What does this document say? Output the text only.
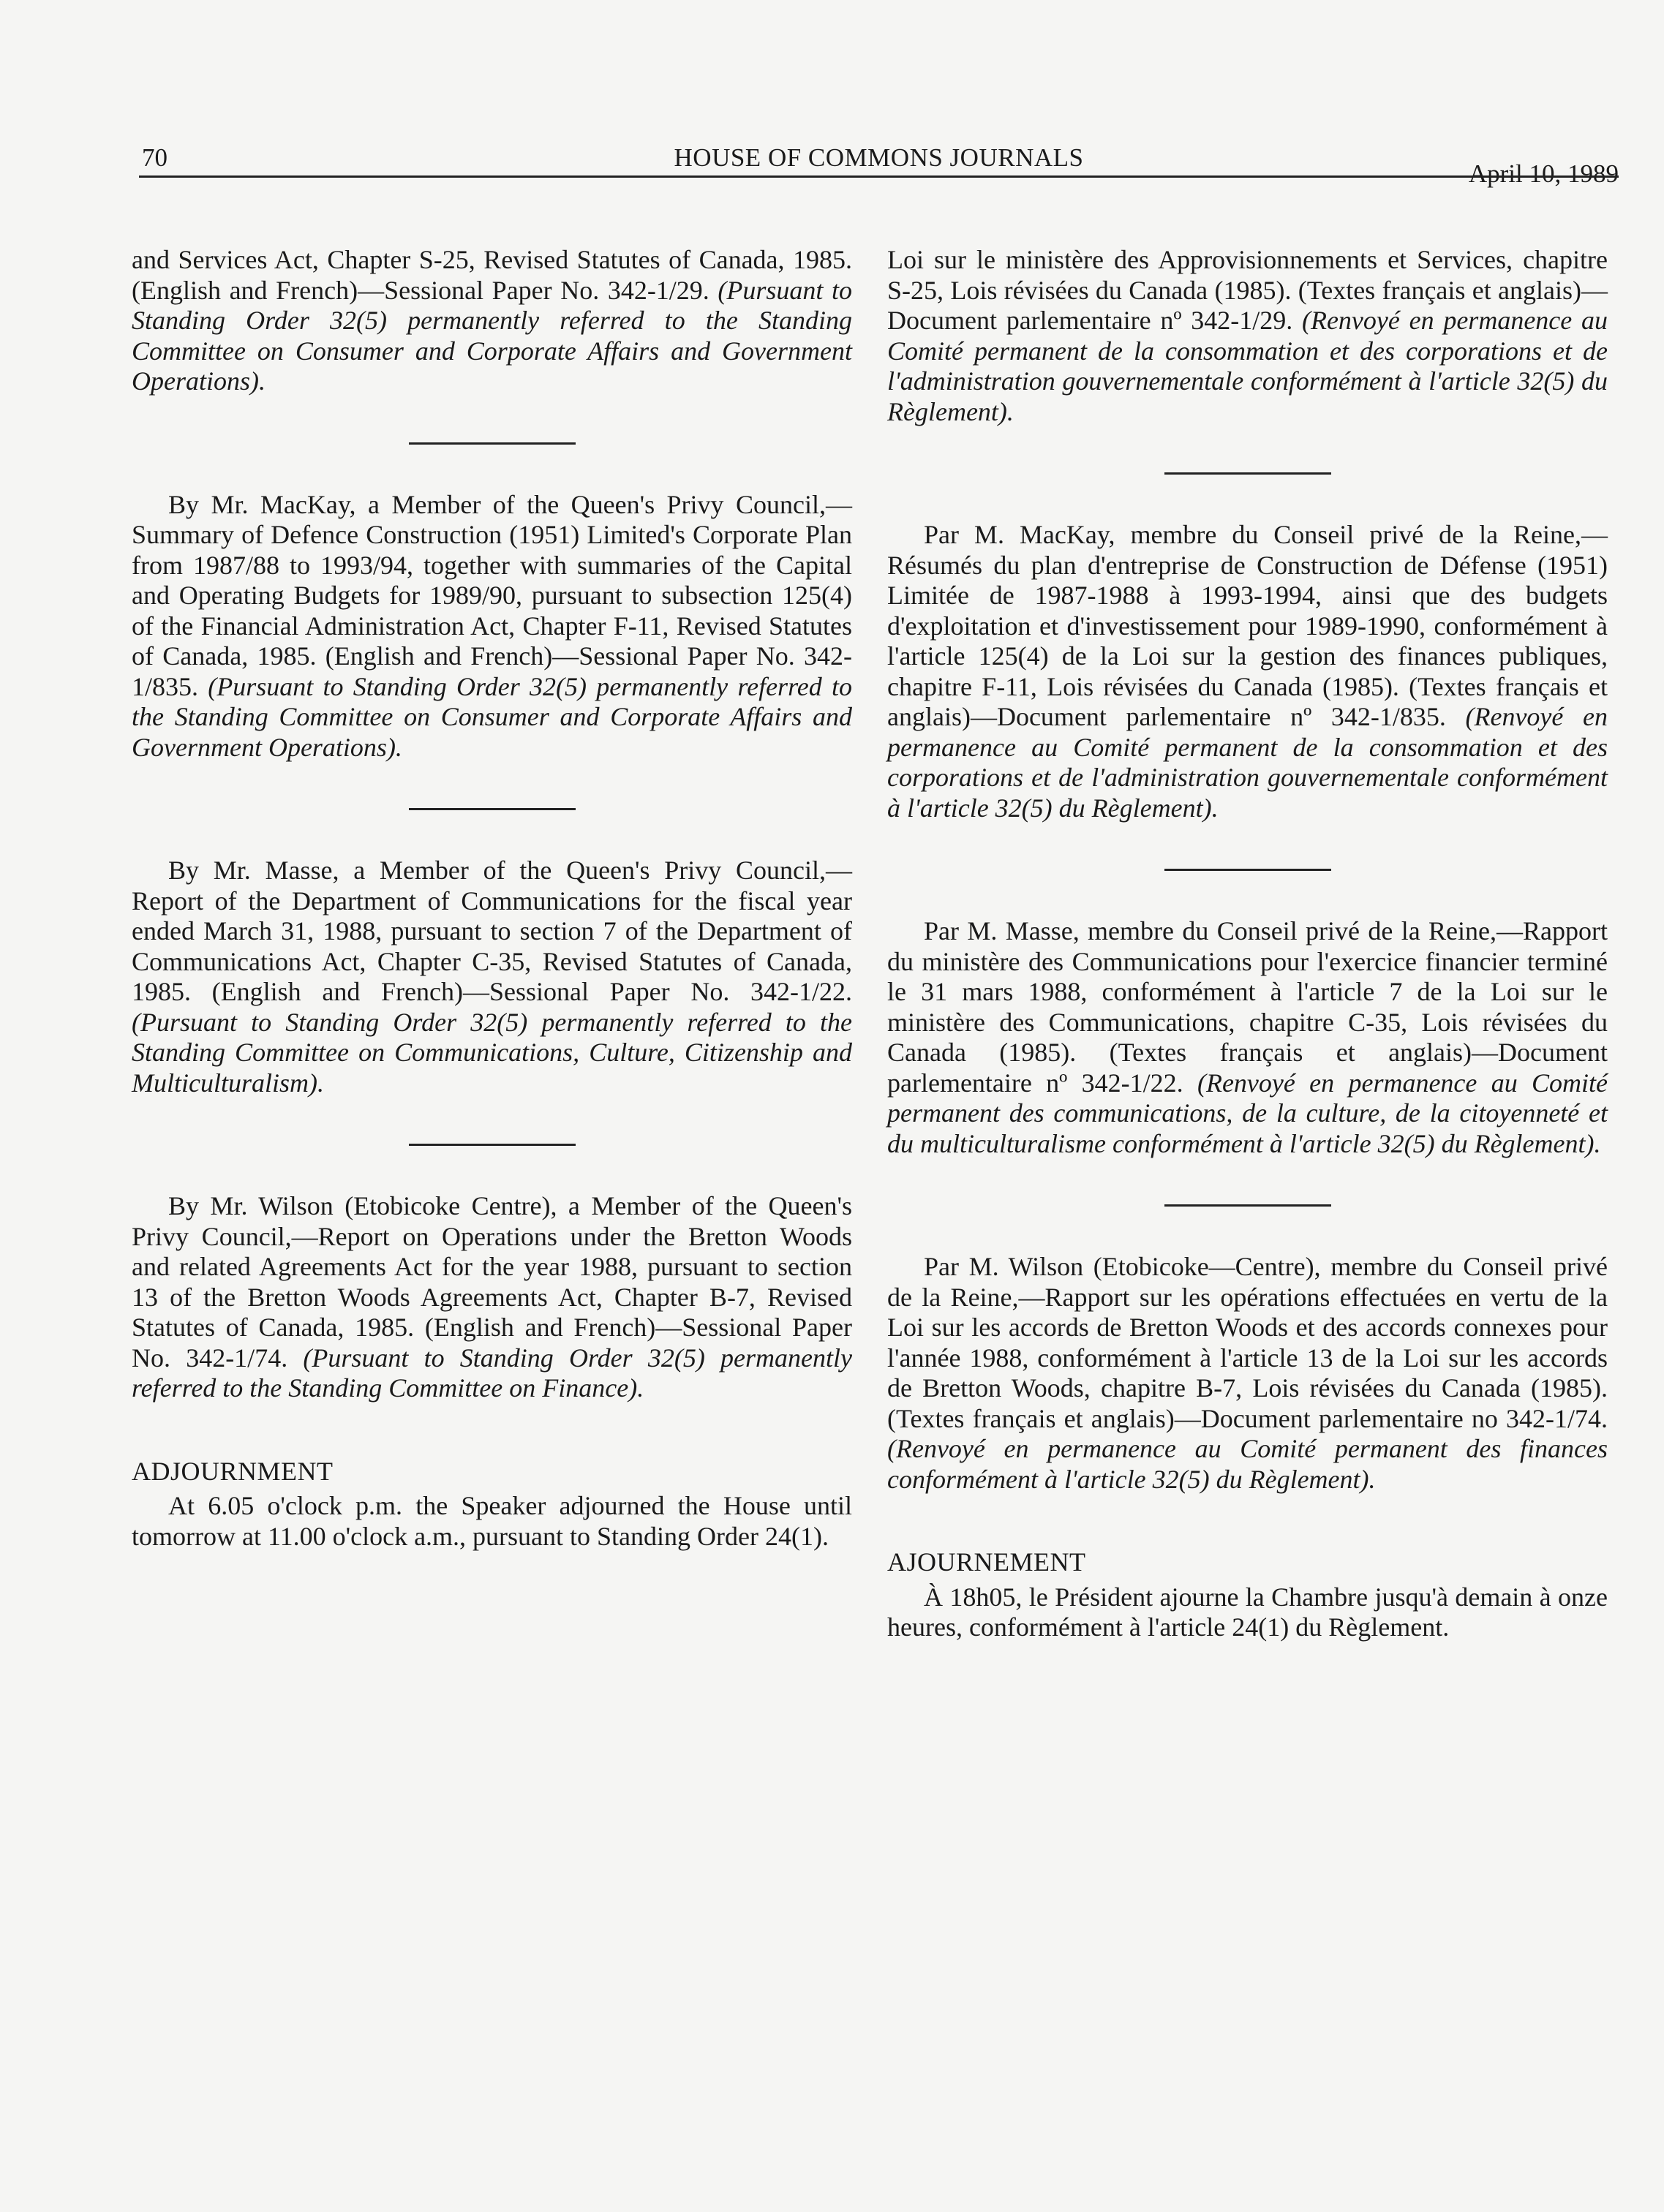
70	HOUSE OF COMMONS JOURNALS
April 10, 1989

and Services Act, Chapter S-25, Revised Statutes of Canada, 1985. (English and French)—Sessional Paper No. 342-1/29. (Pursuant to Standing Order 32(5) permanently referred to the Standing Committee on Consumer and Corporate Affairs and Government Operations).

By Mr. MacKay, a Member of the Queen's Privy Council,—Summary of Defence Construction (1951) Limited's Corporate Plan from 1987/88 to 1993/94, together with summaries of the Capital and Operating Budgets for 1989/90, pursuant to subsection 125(4) of the Financial Administration Act, Chapter F-11, Revised Statutes of Canada, 1985. (English and French)—Sessional Paper No. 342-1/835. (Pursuant to Standing Order 32(5) permanently referred to the Standing Committee on Consumer and Corporate Affairs and Government Operations).

By Mr. Masse, a Member of the Queen's Privy Council,—Report of the Department of Communications for the fiscal year ended March 31, 1988, pursuant to section 7 of the Department of Communications Act, Chapter C-35, Revised Statutes of Canada, 1985. (English and French)—Sessional Paper No. 342-1/22. (Pursuant to Standing Order 32(5) permanently referred to the Standing Committee on Communications, Culture, Citizenship and Multiculturalism).

By Mr. Wilson (Etobicoke Centre), a Member of the Queen's Privy Council,—Report on Operations under the Bretton Woods and related Agreements Act for the year 1988, pursuant to section 13 of the Bretton Woods Agreements Act, Chapter B-7, Revised Statutes of Canada, 1985. (English and French)—Sessional Paper No. 342-1/74. (Pursuant to Standing Order 32(5) permanently referred to the Standing Committee on Finance).

ADJOURNMENT

At 6.05 o'clock p.m. the Speaker adjourned the House until tomorrow at 11.00 o'clock a.m., pursuant to Standing Order 24(1).

Loi sur le ministère des Approvisionnements et Services, chapitre S-25, Lois révisées du Canada (1985). (Textes français et anglais)—Document parlementaire nº 342-1/29. (Renvoyé en permanence au Comité permanent de la consommation et des corporations et de l'administration gouvernementale conformément à l'article 32(5) du Règlement).

Par M. MacKay, membre du Conseil privé de la Reine,—Résumés du plan d'entreprise de Construction de Défense (1951) Limitée de 1987-1988 à 1993-1994, ainsi que des budgets d'exploitation et d'investissement pour 1989-1990, conformément à l'article 125(4) de la Loi sur la gestion des finances publiques, chapitre F-11, Lois révisées du Canada (1985). (Textes français et anglais)—Document parlementaire nº 342-1/835. (Renvoyé en permanence au Comité permanent de la consommation et des corporations et de l'administration gouvernementale conformément à l'article 32(5) du Règlement).

Par M. Masse, membre du Conseil privé de la Reine,—Rapport du ministère des Communications pour l'exercice financier terminé le 31 mars 1988, conformément à l'article 7 de la Loi sur le ministère des Communications, chapitre C-35, Lois révisées du Canada (1985). (Textes français et anglais)—Document parlementaire nº 342-1/22. (Renvoyé en permanence au Comité permanent des communications, de la culture, de la citoyenneté et du multiculturalisme conformément à l'article 32(5) du Règlement).

Par M. Wilson (Etobicoke—Centre), membre du Conseil privé de la Reine,—Rapport sur les opérations effectuées en vertu de la Loi sur les accords de Bretton Woods et des accords connexes pour l'année 1988, conformément à l'article 13 de la Loi sur les accords de Bretton Woods, chapitre B-7, Lois révisées du Canada (1985). (Textes français et anglais)—Document parlementaire no 342-1/74. (Renvoyé en permanence au Comité permanent des finances conformément à l'article 32(5) du Règlement).

AJOURNEMENT

À 18h05, le Président ajourne la Chambre jusqu'à demain à onze heures, conformément à l'article 24(1) du Règlement.
